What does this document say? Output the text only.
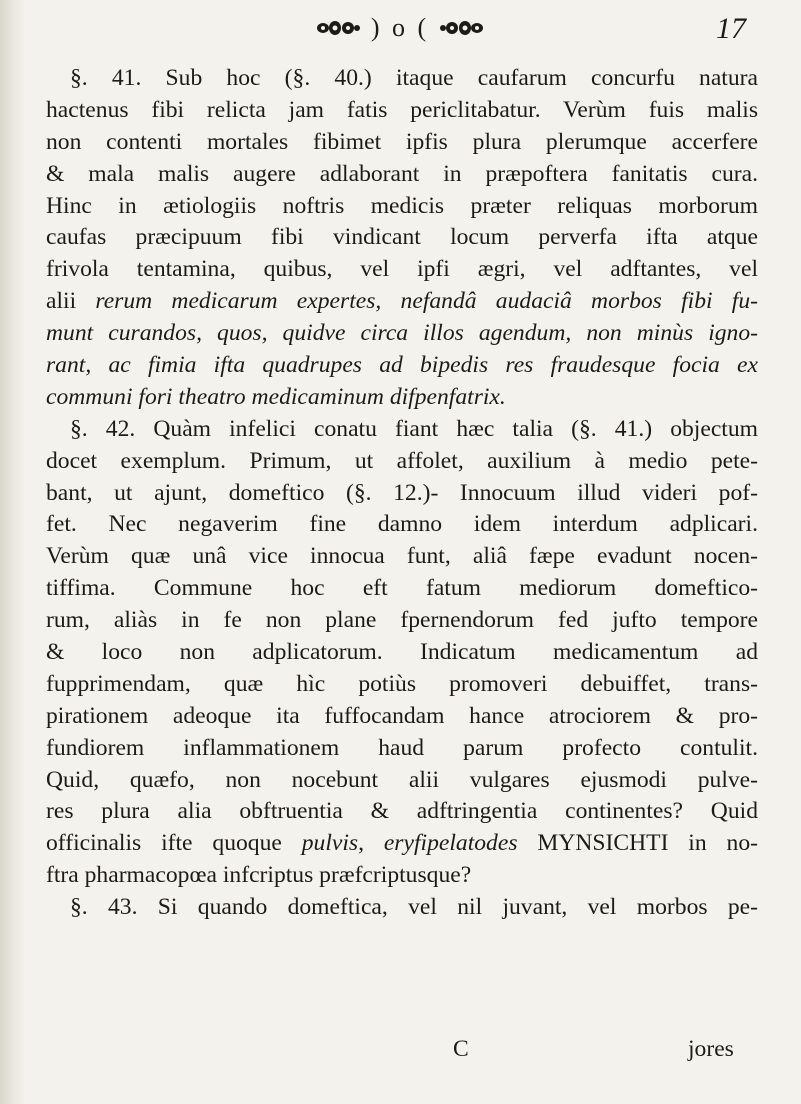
) o (	17
§. 41. Sub hoc (§. 40.) itaque caufarum concurfu natura
hactenus fibi relicta jam fatis periclitabatur. Verùm fuis malis
non contenti mortales fibimet ipfis plura plerumque accerfere
& mala malis augere adlaborant in præpoftera fanitatis cura.
Hinc in ætiologiis noftris medicis præter reliquas morborum
caufas præcipuum fibi vindicant locum perverfa ifta atque
frivola tentamina, quibus, vel ipfi ægri, vel adftantes, vel
alii rerum medicarum expertes, nefandâ audaciâ morbos fibi fu-
munt curandos, quos, quidve circa illos agendum, non minùs igno-
rant, ac fimia ifta quadrupes ad bipedis res fraudesque focia ex
communi fori theatro medicaminum difpenfatrix.
§. 42. Quàm infelici conatu fiant hæc talia (§. 41.) objectum
docet exemplum. Primum, ut affolet, auxilium à medio pete-
bant, ut ajunt, domeftico (§. 12.)- Innocuum illud videri pof-
fet. Nec negaverim fine damno idem interdum adplicari.
Verùm quæ unâ vice innocua funt, aliâ fæpe evadunt nocen-
tiffima. Commune hoc eft fatum mediorum domeftico-
rum, aliàs in fe non plane fpernendorum fed jufto tempore
& loco non adplicatorum. Indicatum medicamentum ad
fupprimendam, quæ hìc potiùs promoveri debuiffet, trans-
pirationem adeoque ita fuffocandam hance atrociorem & pro-
fundiorem inflammationem haud parum profecto contulit.
Quid, quæfo, non nocebunt alii vulgares ejusmodi pulve-
res plura alia obftruentia & adftringentia continentes? Quid
officinalis ifte quoque pulvis, eryfipelatodes MYNSICHTI in no-
ftra pharmacopœa infcriptus præfcriptusque?
§. 43. Si quando domeftica, vel nil juvant, vel morbos pe-
C	jores
